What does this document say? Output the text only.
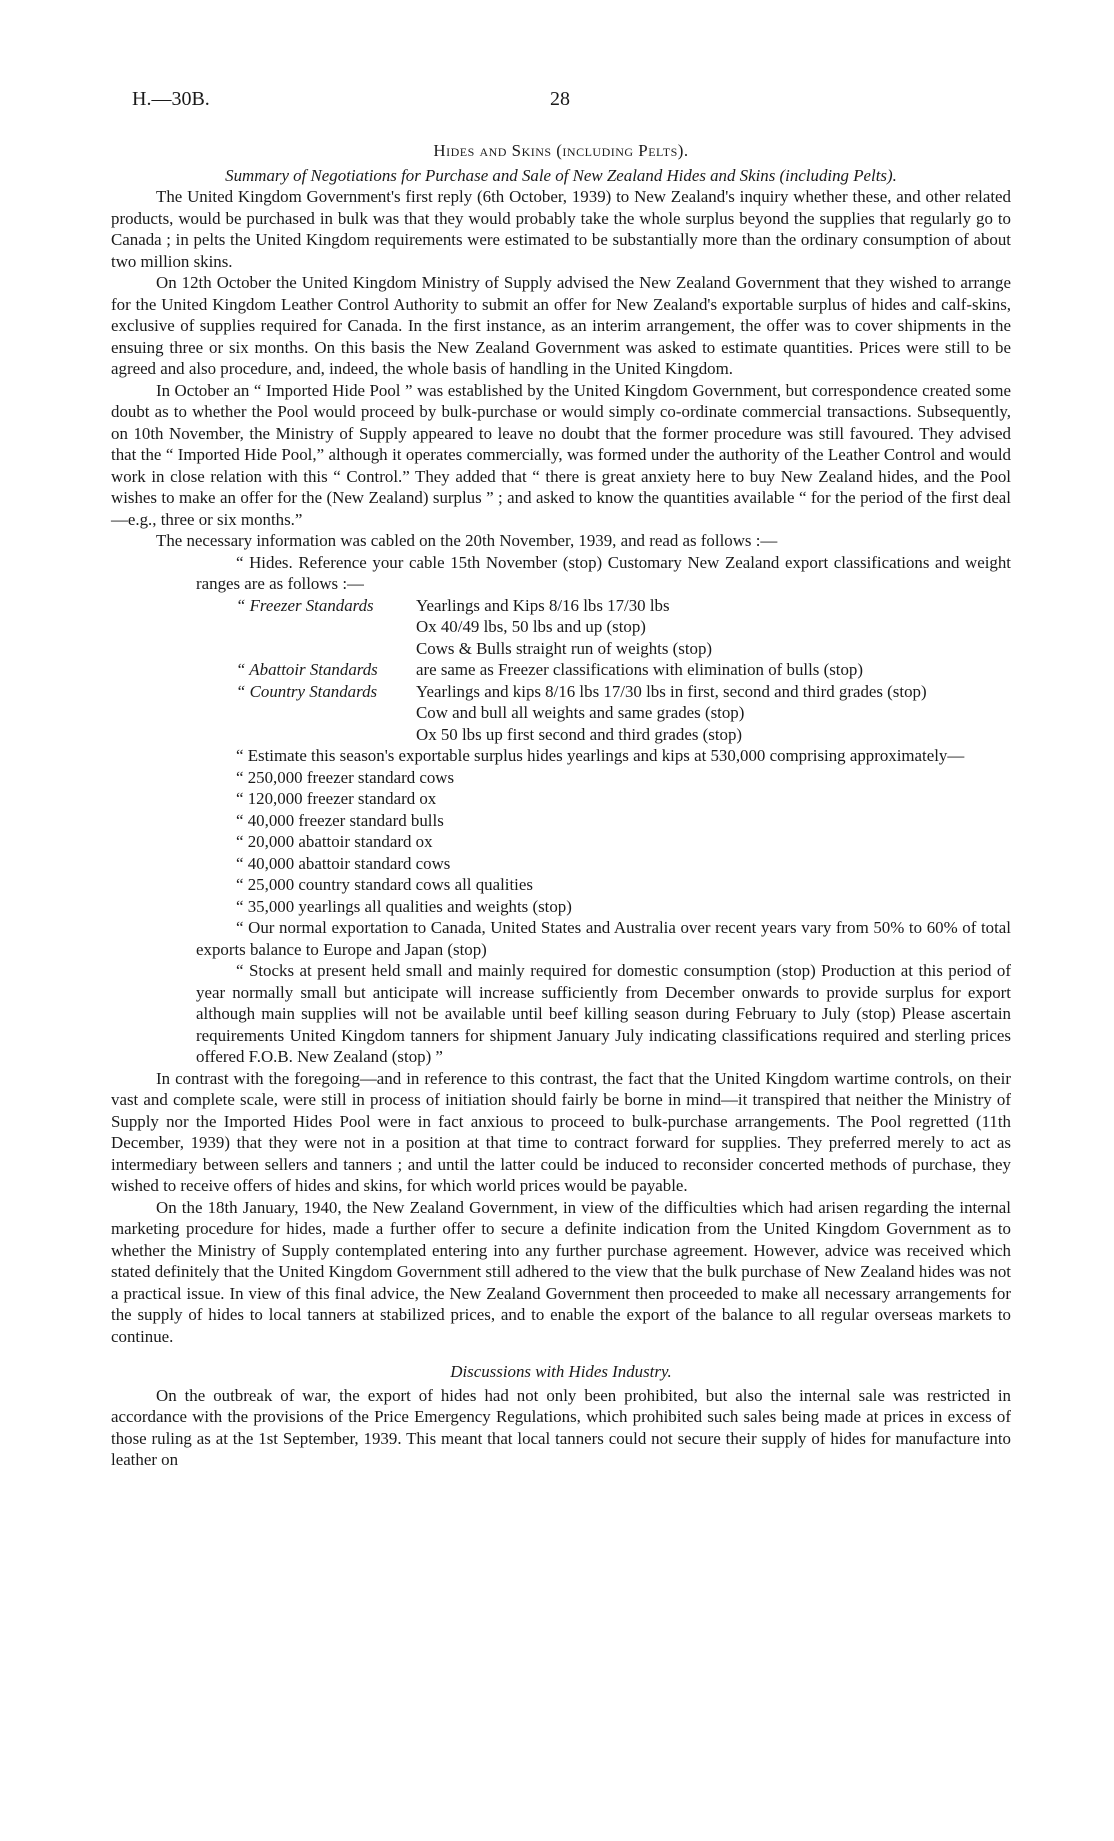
H.—30B.	28
Hides and Skins (including Pelts).
Summary of Negotiations for Purchase and Sale of New Zealand Hides and Skins (including Pelts).

The United Kingdom Government's first reply (6th October, 1939) to New Zealand's inquiry whether these, and other related products, would be purchased in bulk was that they would probably take the whole surplus beyond the supplies that regularly go to Canada ; in pelts the United Kingdom requirements were estimated to be substantially more than the ordinary consumption of about two million skins.

On 12th October the United Kingdom Ministry of Supply advised the New Zealand Government that they wished to arrange for the United Kingdom Leather Control Authority to submit an offer for New Zealand's exportable surplus of hides and calf-skins, exclusive of supplies required for Canada. In the first instance, as an interim arrangement, the offer was to cover shipments in the ensuing three or six months. On this basis the New Zealand Government was asked to estimate quantities. Prices were still to be agreed and also procedure, and, indeed, the whole basis of handling in the United Kingdom.

In October an “ Imported Hide Pool ” was established by the United Kingdom Government, but correspondence created some doubt as to whether the Pool would proceed by bulk-purchase or would simply co-ordinate commercial transactions. Subsequently, on 10th November, the Ministry of Supply appeared to leave no doubt that the former procedure was still favoured. They advised that the “ Imported Hide Pool,” although it operates commercially, was formed under the authority of the Leather Control and would work in close relation with this “ Control.” They added that “ there is great anxiety here to buy New Zealand hides, and the Pool wishes to make an offer for the (New Zealand) surplus ” ; and asked to know the quantities available “ for the period of the first deal—e.g., three or six months.”

The necessary information was cabled on the 20th November, 1939, and read as follows :—

“ Hides. Reference your cable 15th November (stop) Customary New Zealand export classifications and weight ranges are as follows :—

“ Freezer Standards	Yearlings and Kips 8/16 lbs 17/30 lbs
Ox 40/49 lbs, 50 lbs and up (stop)
Cows & Bulls straight run of weights (stop)
“ Abattoir Standards	are same as Freezer classifications with elimination of bulls (stop)
“ Country Standards	Yearlings and kips 8/16 lbs 17/30 lbs in first, second and third grades (stop)
Cow and bull all weights and same grades (stop)
Ox 50 lbs up first second and third grades (stop)

“ Estimate this season's exportable surplus hides yearlings and kips at 530,000 comprising approximately—

“ 250,000 freezer standard cows
“ 120,000 freezer standard ox
“ 40,000 freezer standard bulls
“ 20,000 abattoir standard ox
“ 40,000 abattoir standard cows
“ 25,000 country standard cows all qualities
“ 35,000 yearlings all qualities and weights (stop)

“ Our normal exportation to Canada, United States and Australia over recent years vary from 50% to 60% of total exports balance to Europe and Japan (stop)

“ Stocks at present held small and mainly required for domestic consumption (stop) Production at this period of year normally small but anticipate will increase sufficiently from December onwards to provide surplus for export although main supplies will not be available until beef killing season during February to July (stop) Please ascertain requirements United Kingdom tanners for shipment January July indicating classifications required and sterling prices offered F.O.B. New Zealand (stop) ”

In contrast with the foregoing—and in reference to this contrast, the fact that the United Kingdom wartime controls, on their vast and complete scale, were still in process of initiation should fairly be borne in mind—it transpired that neither the Ministry of Supply nor the Imported Hides Pool were in fact anxious to proceed to bulk-purchase arrangements. The Pool regretted (11th December, 1939) that they were not in a position at that time to contract forward for supplies. They preferred merely to act as intermediary between sellers and tanners ; and until the latter could be induced to reconsider concerted methods of purchase, they wished to receive offers of hides and skins, for which world prices would be payable.

On the 18th January, 1940, the New Zealand Government, in view of the difficulties which had arisen regarding the internal marketing procedure for hides, made a further offer to secure a definite indication from the United Kingdom Government as to whether the Ministry of Supply contemplated entering into any further purchase agreement. However, advice was received which stated definitely that the United Kingdom Government still adhered to the view that the bulk purchase of New Zealand hides was not a practical issue. In view of this final advice, the New Zealand Government then proceeded to make all necessary arrangements for the supply of hides to local tanners at stabilized prices, and to enable the export of the balance to all regular overseas markets to continue.

Discussions with Hides Industry.

On the outbreak of war, the export of hides had not only been prohibited, but also the internal sale was restricted in accordance with the provisions of the Price Emergency Regulations, which prohibited such sales being made at prices in excess of those ruling as at the 1st September, 1939. This meant that local tanners could not secure their supply of hides for manufacture into leather on
